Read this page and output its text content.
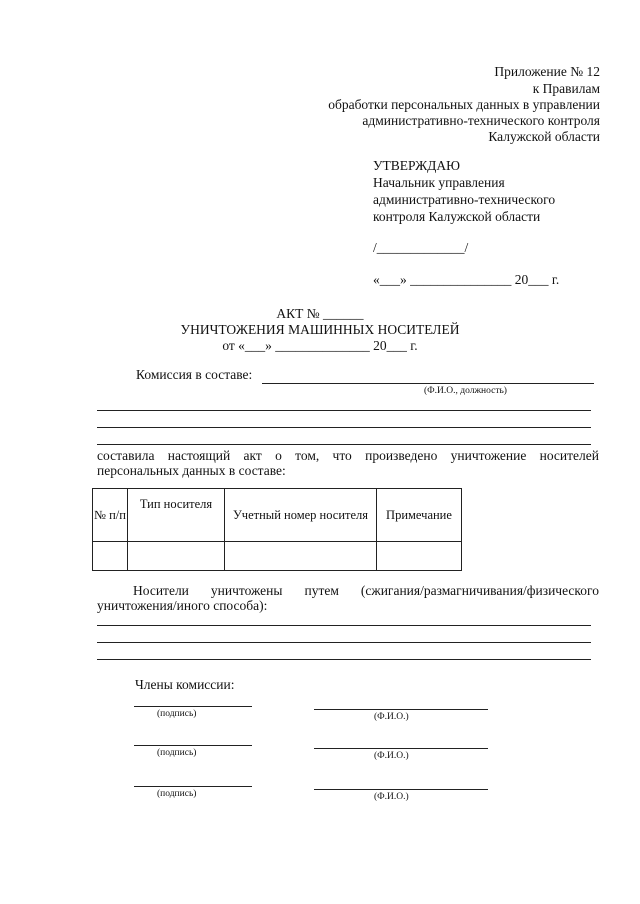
Приложение № 12
к Правилам
обработки персональных данных в управлении
административно-технического контроля
Калужской области
УТВЕРЖДАЮ
Начальник управления
административно-технического
контроля Калужской области
/_____________/
«___» _______________ 20___ г.
АКТ № ______
УНИЧТОЖЕНИЯ МАШИННЫХ НОСИТЕЛЕЙ
от «___» ______________ 20___ г.
Комиссия в составе:
(Ф.И.О., должность)
составила настоящий акт о том, что произведено уничтожение носителей
персональных данных в составе:
№ п/п	Тип носителя	Учетный номер носителя	Примечание

Носители уничтожены путем (сжигания/размагничивания/физического
уничтожения/иного способа):
Члены комиссии:
(подпись)	(Ф.И.О.)
(подпись)	(Ф.И.О.)
(подпись)	(Ф.И.О.)
